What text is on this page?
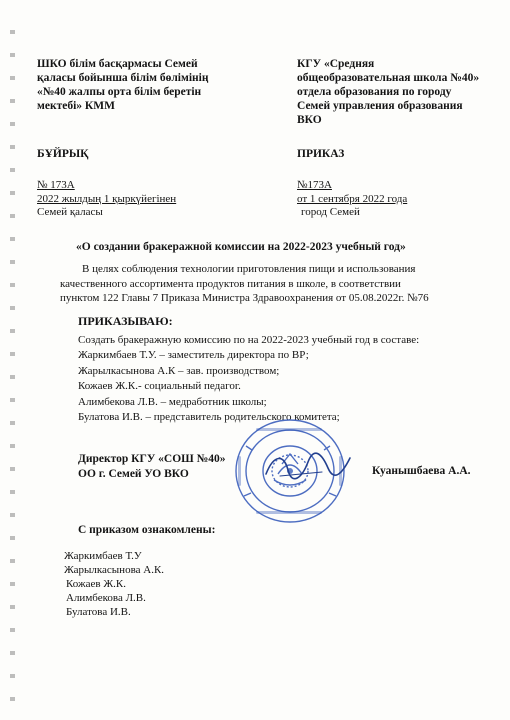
ШКО білім басқармасы Семей
қаласы бойынша білім бөлімінің
«№40 жалпы орта білім беретін
мектебі» КММ
КГУ «Средняя
общеобразовательная школа №40»
отдела образования по городу
Семей управления образования
ВКО
БҰЙРЫҚ	ПРИКАЗ
№ 173А
2022 жылдың 1 қыркүйегінен
Семей қаласы
№173А
от 1 сентября 2022 года
город Семей
«О создании бракеражной комиссии на 2022-2023 учебный год»
В целях соблюдения технологии приготовления пищи и использования
качественного ассортимента продуктов питания в школе, в соответствии
пунктом 122 Главы 7 Приказа Министра Здравоохранения от 05.08.2022г. №76
ПРИКАЗЫВАЮ:
Создать бракеражную комиссию по на 2022-2023 учебный год в составе:
Жаркимбаев Т.У. – заместитель директора по ВР;
Жарылкасынова А.К – зав. производством;
Кожаев Ж.К.- социальный педагог.
Алимбекова Л.В. – медработник школы;
Булатова И.В. – представитель родительского комитета;
Директор КГУ «СОШ №40»
ОО г. Семей УО ВКО	Куанышбаева А.А.
С приказом ознакомлены:
Жаркимбаев Т.У
Жарылкасынова А.К.
Кожаев Ж.К.
Алимбекова Л.В.
Булатова И.В.
